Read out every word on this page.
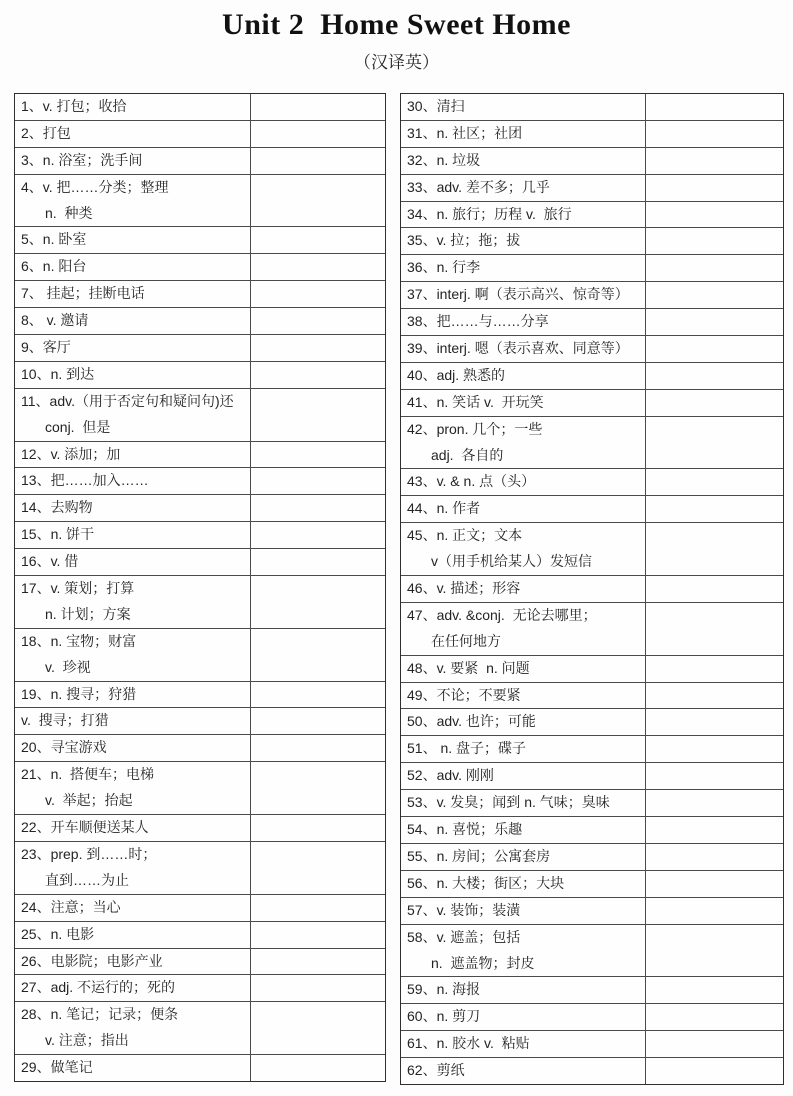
Unit 2  Home Sweet Home
（汉译英）
1、v. 打包；收拾
2、打包
3、n. 浴室；洗手间
4、v. 把……分类；整理
n.  种类
5、n. 卧室
6、n. 阳台
7、 挂起；挂断电话
8、 v. 邀请
9、客厅
10、n. 到达
11、adv.（用于否定句和疑问句)还
conj.  但是
12、v. 添加；加
13、把……加入……
14、去购物
15、n. 饼干
16、v. 借
17、v. 策划；打算
n. 计划；方案
18、n. 宝物；财富
v.  珍视
19、n. 搜寻；狩猎
v.  搜寻；打猎
20、寻宝游戏
21、n.  搭便车；电梯
v.  举起；抬起
22、开车顺便送某人
23、prep. 到……时；
直到……为止
24、注意；当心
25、n. 电影
26、电影院；电影产业
27、adj. 不运行的；死的
28、n. 笔记；记录；便条
v. 注意；指出
29、做笔记
30、清扫
31、n. 社区；社团
32、n. 垃圾
33、adv. 差不多；几乎
34、n. 旅行；历程 v.  旅行
35、v. 拉；拖；拔
36、n. 行李
37、interj. 啊（表示高兴、惊奇等）
38、把……与……分享
39、interj. 嗯（表示喜欢、同意等）
40、adj. 熟悉的
41、n. 笑话 v.  开玩笑
42、pron. 几个；一些
adj.  各自的
43、v. & n. 点（头）
44、n. 作者
45、n. 正文；文本
v（用手机给某人）发短信
46、v. 描述；形容
47、adv. &conj.  无论去哪里；
在任何地方
48、v. 要紧  n. 问题
49、不论；不要紧
50、adv. 也许；可能
51、 n. 盘子；碟子
52、adv. 刚刚
53、v. 发臭；闻到 n. 气味；臭味
54、n. 喜悦；乐趣
55、n. 房间；公寓套房
56、n. 大楼；街区；大块
57、v. 装饰；装潢
58、v. 遮盖；包括
n.  遮盖物；封皮
59、n. 海报
60、n. 剪刀
61、n. 胶水 v.  粘贴
62、剪纸
